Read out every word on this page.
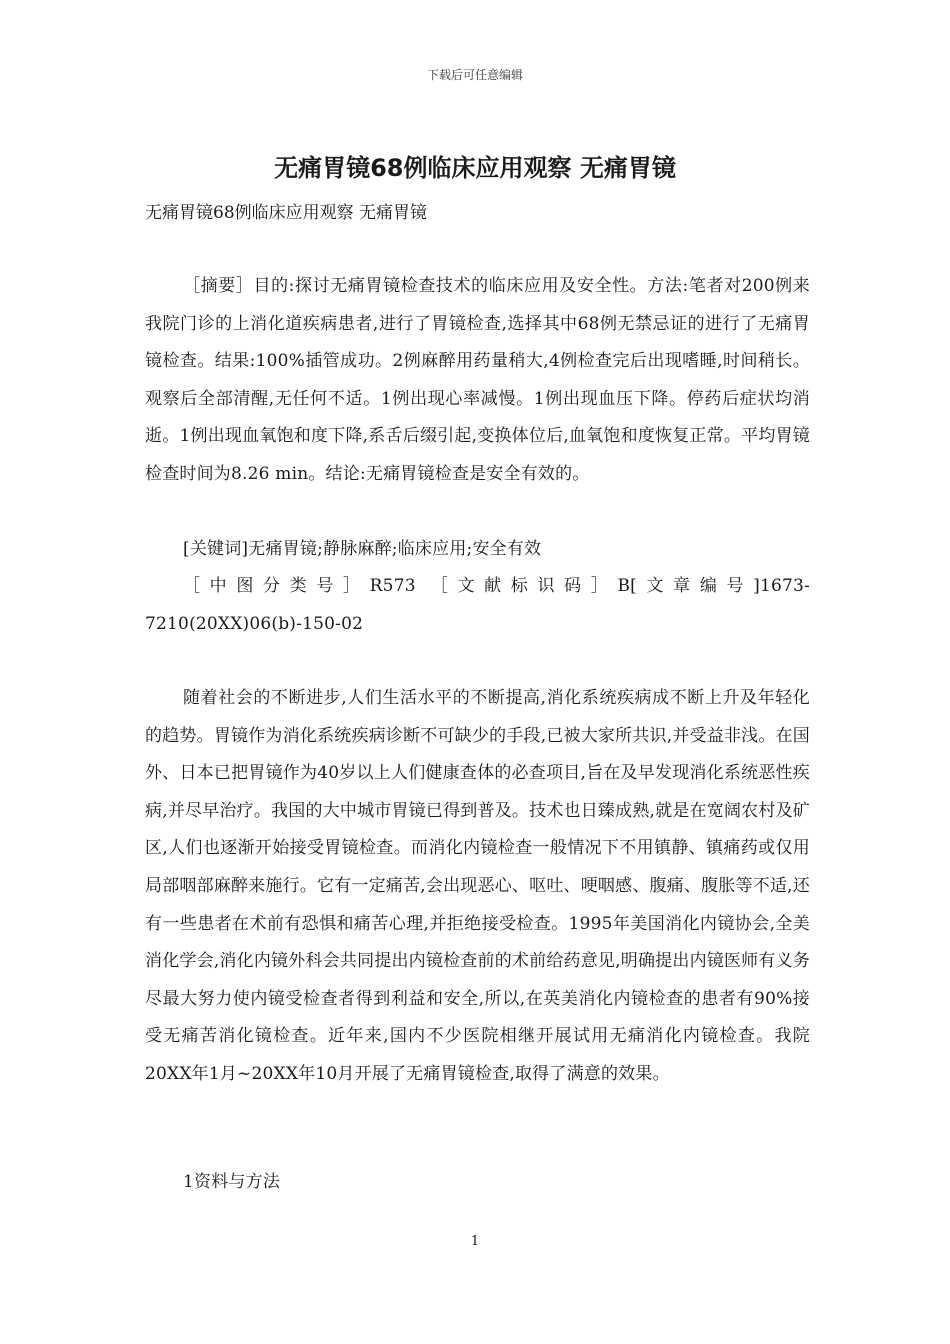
下载后可任意编辑
无痛胃镜68例临床应用观察 无痛胃镜
无痛胃镜68例临床应用观察 无痛胃镜

［摘要］目的:探讨无痛胃镜检查技术的临床应用及安全性。方法:笔者对200例来我院门诊的上消化道疾病患者,进行了胃镜检查,选择其中68例无禁忌证的进行了无痛胃镜检查。结果:100%插管成功。2例麻醉用药量稍大,4例检查完后出现嗜睡,时间稍长。观察后全部清醒,无任何不适。1例出现心率减慢。1例出现血压下降。停药后症状均消逝。1例出现血氧饱和度下降,系舌后缀引起,变换体位后,血氧饱和度恢复正常。平均胃镜检查时间为8.26 min。结论:无痛胃镜检查是安全有效的。

[关键词]无痛胃镜;静脉麻醉;临床应用;安全有效

［中图分类号］R573 ［文献标识码］B[文章编号]1673-7210(20XX)06(b)-150-02

随着社会的不断进步,人们生活水平的不断提高,消化系统疾病成不断上升及年轻化的趋势。胃镜作为消化系统疾病诊断不可缺少的手段,已被大家所共识,并受益非浅。在国外、日本已把胃镜作为40岁以上人们健康查体的必查项目,旨在及早发现消化系统恶性疾病,并尽早治疗。我国的大中城市胃镜已得到普及。技术也日臻成熟,就是在宽阔农村及矿区,人们也逐渐开始接受胃镜检查。而消化内镜检查一般情况下不用镇静、镇痛药或仅用局部咽部麻醉来施行。它有一定痛苦,会出现恶心、呕吐、哽咽感、腹痛、腹胀等不适,还有一些患者在术前有恐惧和痛苦心理,并拒绝接受检查。1995年美国消化内镜协会,全美消化学会,消化内镜外科会共同提出内镜检查前的术前给药意见,明确提出内镜医师有义务尽最大努力使内镜受检查者得到利益和安全,所以,在英美消化内镜检查的患者有90%接受无痛苦消化镜检查。近年来,国内不少医院相继开展试用无痛消化内镜检查。我院20XX年1月~20XX年10月开展了无痛胃镜检查,取得了满意的效果。

1资料与方法

1
